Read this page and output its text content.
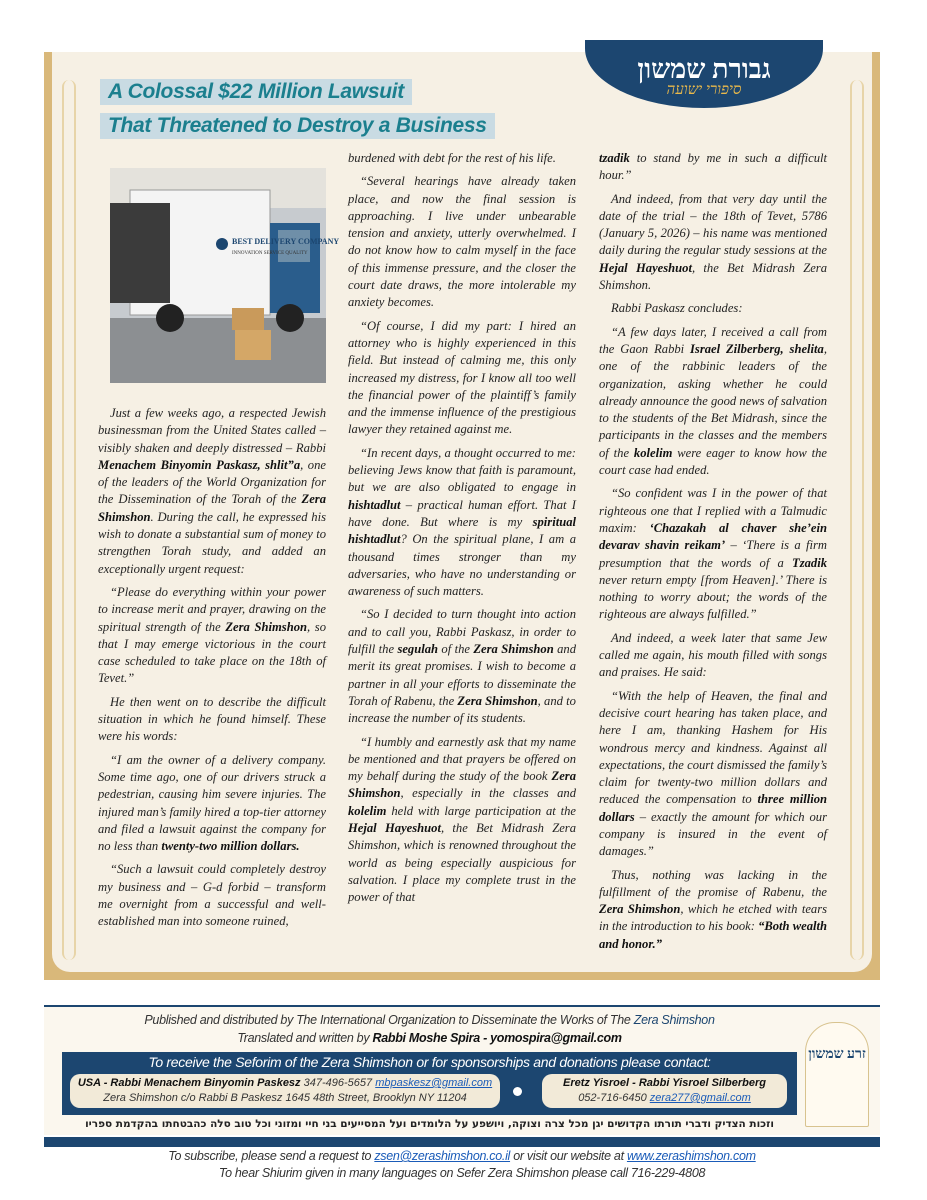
גבורת שמשון
סיפורי ישועה
A Colossal $22 Million Lawsuit
That Threatened to Destroy a Business
BEST DELIVERY COMPANY
INNOVATION SERVICE QUALITY

Just a few weeks ago, a respected Jewish businessman from the United States called – visibly shaken and deeply distressed – Rabbi Menachem Binyomin Paskasz, shlit”a, one of the leaders of the World Organization for the Dissemination of the Torah of the Zera Shimshon. During the call, he expressed his wish to donate a substantial sum of money to strengthen Torah study, and added an exceptionally urgent request:

“Please do everything within your power to increase merit and prayer, drawing on the spiritual strength of the Zera Shimshon, so that I may emerge victorious in the court case scheduled to take place on the 18th of Tevet.”

He then went on to describe the difficult situation in which he found himself. These were his words:

“I am the owner of a delivery company. Some time ago, one of our drivers struck a pedestrian, causing him severe injuries. The injured man’s family hired a top-tier attorney and filed a lawsuit against the company for no less than twenty-two million dollars.

“Such a lawsuit could completely destroy my business and – G-d forbid – transform me overnight from a successful and well-established man into someone ruined,

burdened with debt for the rest of his life.

“Several hearings have already taken place, and now the final session is approaching. I live under unbearable tension and anxiety, utterly overwhelmed. I do not know how to calm myself in the face of this immense pressure, and the closer the court date draws, the more intolerable my anxiety becomes.

“Of course, I did my part: I hired an attorney who is highly experienced in this field. But instead of calming me, this only increased my distress, for I know all too well the financial power of the plaintiff’s family and the immense influence of the prestigious lawyer they retained against me.

“In recent days, a thought occurred to me: believing Jews know that faith is paramount, but we are also obligated to engage in hishtadlut – practical human effort. That I have done. But where is my spiritual hishtadlut? On the spiritual plane, I am a thousand times stronger than my adversaries, who have no understanding or awareness of such matters.

“So I decided to turn thought into action and to call you, Rabbi Paskasz, in order to fulfill the segulah of the Zera Shimshon and merit its great promises. I wish to become a partner in all your efforts to disseminate the Torah of Rabenu, the Zera Shimshon, and to increase the number of its students.

“I humbly and earnestly ask that my name be mentioned and that prayers be offered on my behalf during the study of the book Zera Shimshon, especially in the classes and kolelim held with large participation at the Hejal Hayeshuot, the Bet Midrash Zera Shimshon, which is renowned throughout the world as being especially auspicious for salvation. I place my complete trust in the power of that

tzadik to stand by me in such a difficult hour.”

And indeed, from that very day until the date of the trial – the 18th of Tevet, 5786 (January 5, 2026) – his name was mentioned daily during the regular study sessions at the Hejal Hayeshuot, the Bet Midrash Zera Shimshon.

Rabbi Paskasz concludes:

“A few days later, I received a call from the Gaon Rabbi Israel Zilberberg, shelita, one of the rabbinic leaders of the organization, asking whether he could already announce the good news of salvation to the students of the Bet Midrash, since the participants in the classes and the members of the kolelim were eager to know how the court case had ended.

“So confident was I in the power of that righteous one that I replied with a Talmudic maxim: ‘Chazakah al chaver she’ein devarav shavin reikam’ – ‘There is a firm presumption that the words of a Tzadik never return empty [from Heaven].’ There is nothing to worry about; the words of the righteous are always fulfilled.”

And indeed, a week later that same Jew called me again, his mouth filled with songs and praises. He said:

“With the help of Heaven, the final and decisive court hearing has taken place, and here I am, thanking Hashem for His wondrous mercy and kindness. Against all expectations, the court dismissed the family’s claim for twenty-two million dollars and reduced the compensation to three million dollars – exactly the amount for which our company is insured in the event of damages.”

Thus, nothing was lacking in the fulfillment of the promise of Rabenu, the Zera Shimshon, which he etched with tears in the introduction to his book: “Both wealth and honor.”

Published and distributed by The International Organization to Disseminate the Works of The Zera Shimshon
Translated and written by Rabbi Moshe Spira - yomospira@gmail.com
To receive the Seforim of the Zera Shimshon or for sponsorships and donations please contact:
USA - Rabbi Menachem Binyomin Paskesz 347-496-5657 mbpaskesz@gmail.com
Zera Shimshon c/o Rabbi B Paskesz 1645 48th Street, Brooklyn NY 11204
Eretz Yisroel - Rabbi Yisroel Silberberg
052-716-6450 zera277@gmail.com
וזכות הצדיק ודברי תורתו הקדושים יגן מכל צרה וצוקה, ויושפע על הלומדים ועל המסייעים בני חיי ומזוני וכל טוב סלה כהבטחתו בהקדמת ספריו
זרע שמשון
To subscribe, please send a request to zsen@zerashimshon.co.il or visit our website at www.zerashimshon.com
To hear Shiurim given in many languages on Sefer Zera Shimshon please call 716-229-4808
